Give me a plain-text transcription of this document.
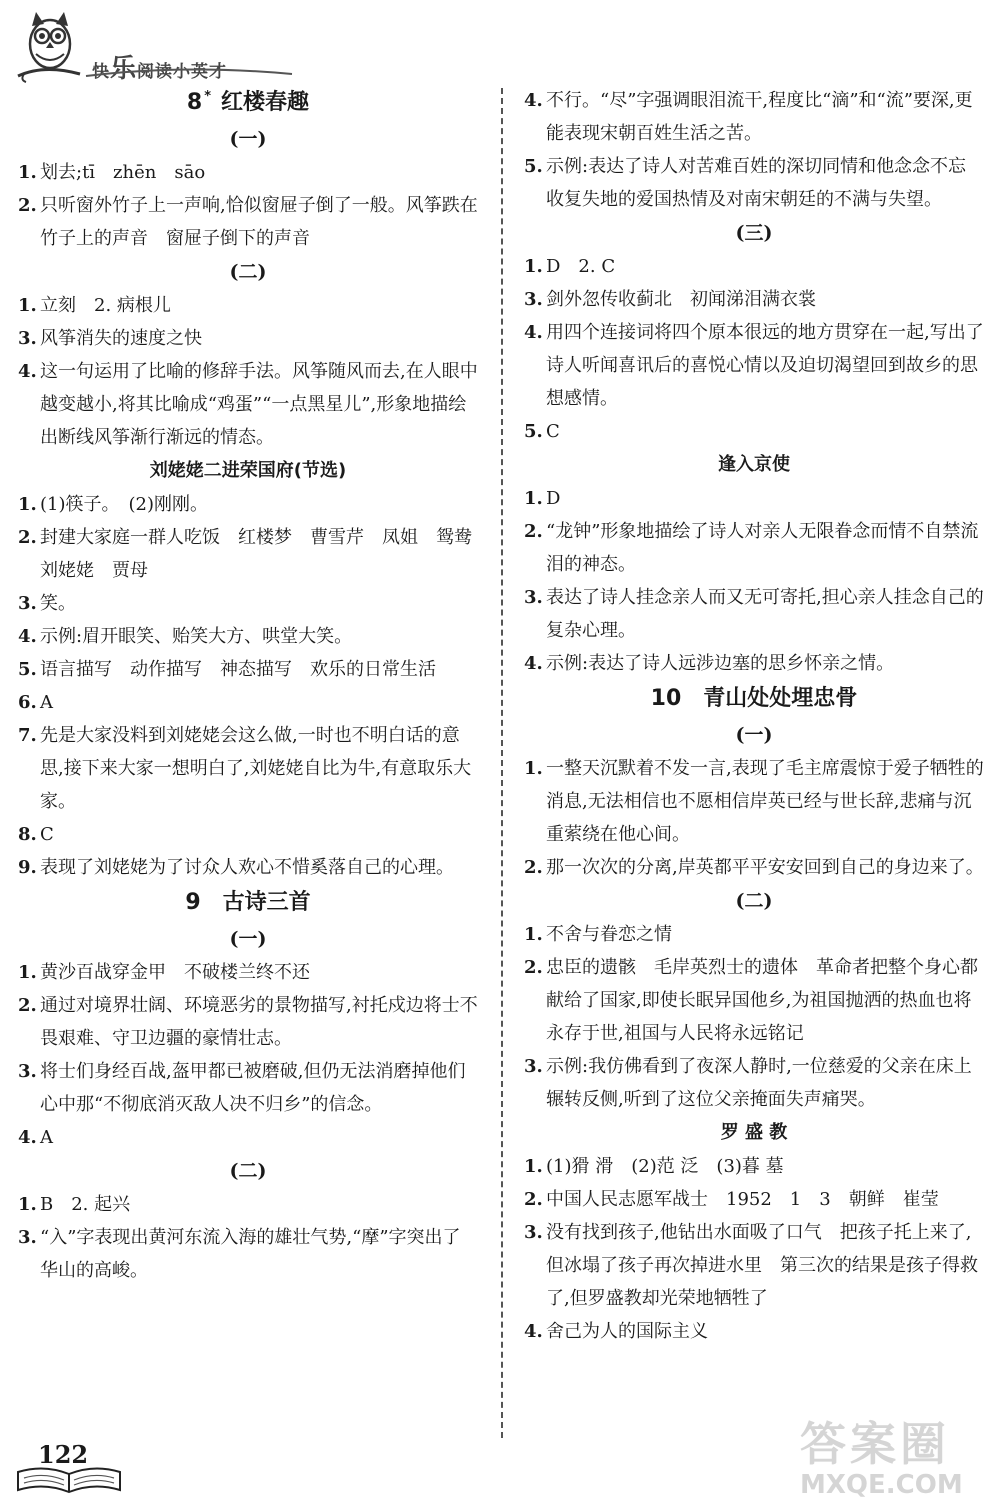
快乐阅读小英才
8 * 红楼春趣
(一)
1. 划去;tī　zhēn　sāo
2. 只听窗外竹子上一声响,恰似窗屉子倒了一般。风筝跌在竹子上的声音　窗屉子倒下的声音
(二)
1. 立刻　2. 病根儿
3. 风筝消失的速度之快
4. 这一句运用了比喻的修辞手法。风筝随风而去,在人眼中越变越小,将其比喻成“鸡蛋”“一点黑星儿”,形象地描绘出断线风筝渐行渐远的情态。
刘姥姥二进荣国府(节选)
1. (1)筷子。　(2)刚刚。
2. 封建大家庭一群人吃饭　红楼梦　曹雪芹　凤姐　鸳鸯　刘姥姥　贾母
3. 笑。
4. 示例:眉开眼笑、贻笑大方、哄堂大笑。
5. 语言描写　动作描写　神态描写　欢乐的日常生活
6. A
7. 先是大家没料到刘姥姥会这么做,一时也不明白话的意思,接下来大家一想明白了,刘姥姥自比为牛,有意取乐大家。
8. C
9. 表现了刘姥姥为了讨众人欢心不惜奚落自己的心理。
9 古诗三首
(一)
1. 黄沙百战穿金甲　不破楼兰终不还
2. 通过对境界壮阔、环境恶劣的景物描写,衬托戍边将士不畏艰难、守卫边疆的豪情壮志。
3. 将士们身经百战,盔甲都已被磨破,但仍无法消磨掉他们心中那“不彻底消灭敌人决不归乡”的信念。
4. A
(二)
1. B　2. 起兴
3. “入”字表现出黄河东流入海的雄壮气势,“摩”字突出了华山的高峻。
4. 不行。“尽”字强调眼泪流干,程度比“滴”和“流”要深,更能表现宋朝百姓生活之苦。
5. 示例:表达了诗人对苦难百姓的深切同情和他念念不忘收复失地的爱国热情及对南宋朝廷的不满与失望。
(三)
1. D　2. C
3. 剑外忽传收蓟北　初闻涕泪满衣裳
4. 用四个连接词将四个原本很远的地方贯穿在一起,写出了诗人听闻喜讯后的喜悦心情以及迫切渴望回到故乡的思想感情。
5. C
逢入京使
1. D
2. “龙钟”形象地描绘了诗人对亲人无限眷念而情不自禁流泪的神态。
3. 表达了诗人挂念亲人而又无可寄托,担心亲人挂念自己的复杂心理。
4. 示例:表达了诗人远涉边塞的思乡怀亲之情。
10 青山处处埋忠骨
(一)
1. 一整天沉默着不发一言,表现了毛主席震惊于爱子牺牲的消息,无法相信也不愿相信岸英已经与世长辞,悲痛与沉重萦绕在他心间。
2. 那一次次的分离,岸英都平平安安回到自己的身边来了。
(二)
1. 不舍与眷恋之情
2. 忠臣的遗骸　毛岸英烈士的遗体　革命者把整个身心都献给了国家,即使长眠异国他乡,为祖国抛洒的热血也将永存于世,祖国与人民将永远铭记
3. 示例:我仿佛看到了夜深人静时,一位慈爱的父亲在床上辗转反侧,听到了这位父亲掩面失声痛哭。
罗 盛 教
1. (1)猾 滑　(2)范 泛　(3)暮 墓
2. 中国人民志愿军战士　1952　1　3　朝鲜　崔莹
3. 没有找到孩子,他钻出水面吸了口气　把孩子托上来了,但冰塌了孩子再次掉进水里　第三次的结果是孩子得救了,但罗盛教却光荣地牺牲了
4. 舍己为人的国际主义
122	答案圈
MXQE.COM
